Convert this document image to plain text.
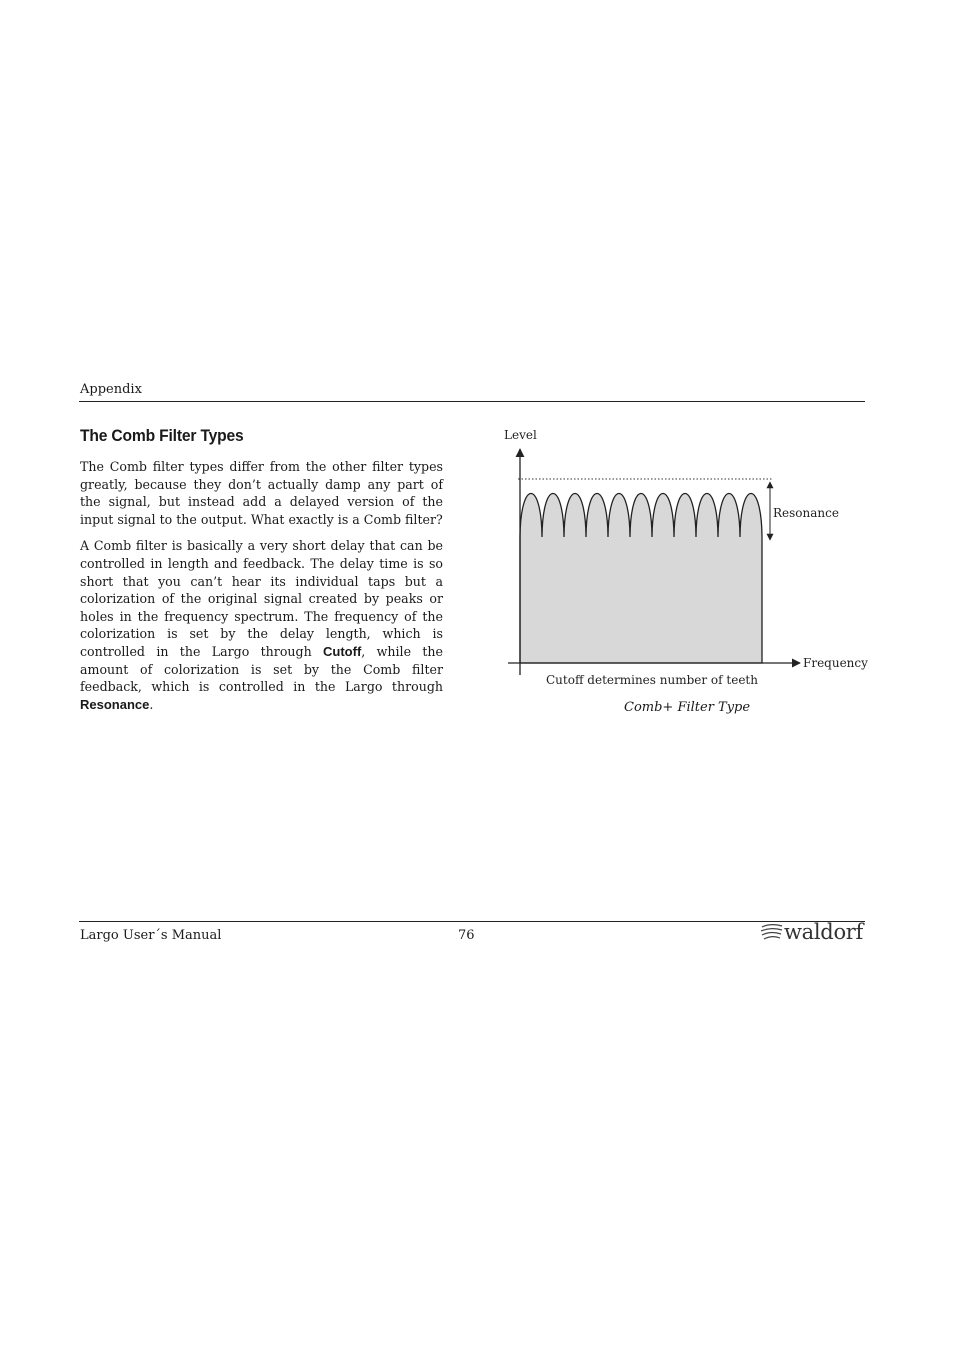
Appendix
The Comb Filter Types

The Comb filter types differ from the other filter types greatly, because they don’t actually damp any part of the signal, but instead add a delayed version of the input signal to the output. What exactly is a Comb filter?

A Comb filter is basically a very short delay that can be controlled in length and feedback. The delay time is so short that you can’t hear its individual taps but a colorization of the original signal created by peaks or holes in the frequency spectrum. The frequency of the colorization is set by the delay length, which is controlled in the Largo through Cutoff, while the amount of colorization is set by the Comb filter feedback, which is controlled in the Largo through Resonance.

Level
Resonance
Frequency
Cutoff determines number of teeth
Comb+ Filter Type
Largo User´s Manual	76	waldorf
